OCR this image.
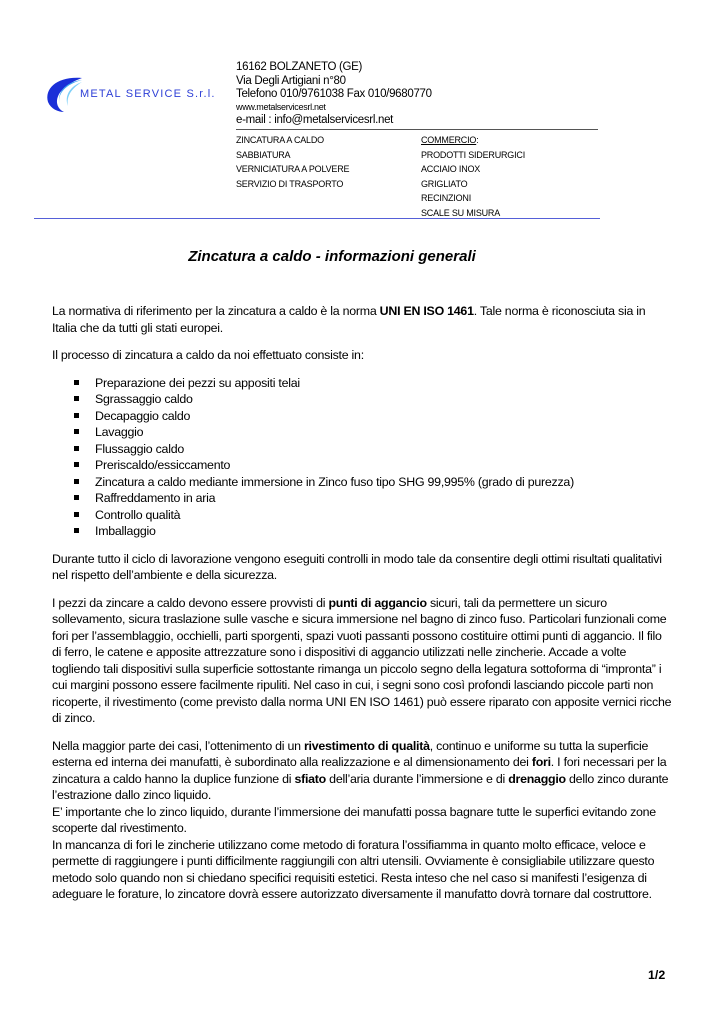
METAL SERVICE S.r.l.
16162 BOLZANETO (GE)
Via Degli Artigiani n°80
Telefono 010/9761038 Fax 010/9680770
www.metalservicesrl.net
e-mail : info@metalservicesrl.net
ZINCATURA A CALDO
SABBIATURA
VERNICIATURA A POLVERE
SERVIZIO DI TRASPORTO
COMMERCIO:
PRODOTTI SIDERURGICI
ACCIAIO INOX
GRIGLIATO
RECINZIONI
SCALE SU MISURA
Zincatura a caldo - informazioni generali

La normativa di riferimento per la zincatura a caldo è la norma UNI EN ISO 1461. Tale norma è riconosciuta sia in Italia che da tutti gli stati europei.

Il processo di zincatura a caldo da noi effettuato consiste in:

Preparazione dei pezzi su appositi telai
Sgrassaggio caldo
Decapaggio caldo
Lavaggio
Flussaggio caldo
Preriscaldo/essiccamento
Zincatura a caldo mediante immersione in Zinco fuso tipo SHG 99,995% (grado di purezza)
Raffreddamento in aria
Controllo qualità
Imballaggio

Durante tutto il ciclo di lavorazione vengono eseguiti controlli in modo tale da consentire degli ottimi risultati qualitativi nel rispetto dell’ambiente e della sicurezza.

I pezzi da zincare a caldo devono essere provvisti di punti di aggancio sicuri, tali da permettere un sicuro sollevamento, sicura traslazione sulle vasche e sicura immersione nel bagno di zinco fuso. Particolari funzionali come fori per l’assemblaggio, occhielli, parti sporgenti, spazi vuoti passanti possono costituire ottimi punti di aggancio. Il filo di ferro, le catene e apposite attrezzature sono i dispositivi di aggancio utilizzati nelle zincherie. Accade a volte togliendo tali dispositivi sulla superficie sottostante rimanga un piccolo segno della legatura sottoforma di “impronta” i cui margini possono essere facilmente ripuliti. Nel caso in cui, i segni sono così profondi lasciando piccole parti non ricoperte, il rivestimento (come previsto dalla norma UNI EN ISO 1461) può essere riparato con apposite vernici ricche di zinco.

Nella maggior parte dei casi, l’ottenimento di un rivestimento di qualità, continuo e uniforme su tutta la superficie esterna ed interna dei manufatti, è subordinato alla realizzazione e al dimensionamento dei fori. I fori necessari per la zincatura a caldo hanno la duplice funzione di sfiato dell’aria durante l’immersione e di drenaggio dello zinco durante l’estrazione dallo zinco liquido.
E’ importante che lo zinco liquido, durante l’immersione dei manufatti possa bagnare tutte le superfici evitando zone scoperte dal rivestimento.
In mancanza di fori le zincherie utilizzano come metodo di foratura l’ossifiamma in quanto molto efficace, veloce e permette di raggiungere i punti difficilmente raggiungili con altri utensili. Ovviamente è consigliabile utilizzare questo metodo solo quando non si chiedano specifici requisiti estetici. Resta inteso che nel caso si manifesti l’esigenza di adeguare le forature, lo zincatore dovrà essere autorizzato diversamente il manufatto dovrà tornare dal costruttore.

1/2
